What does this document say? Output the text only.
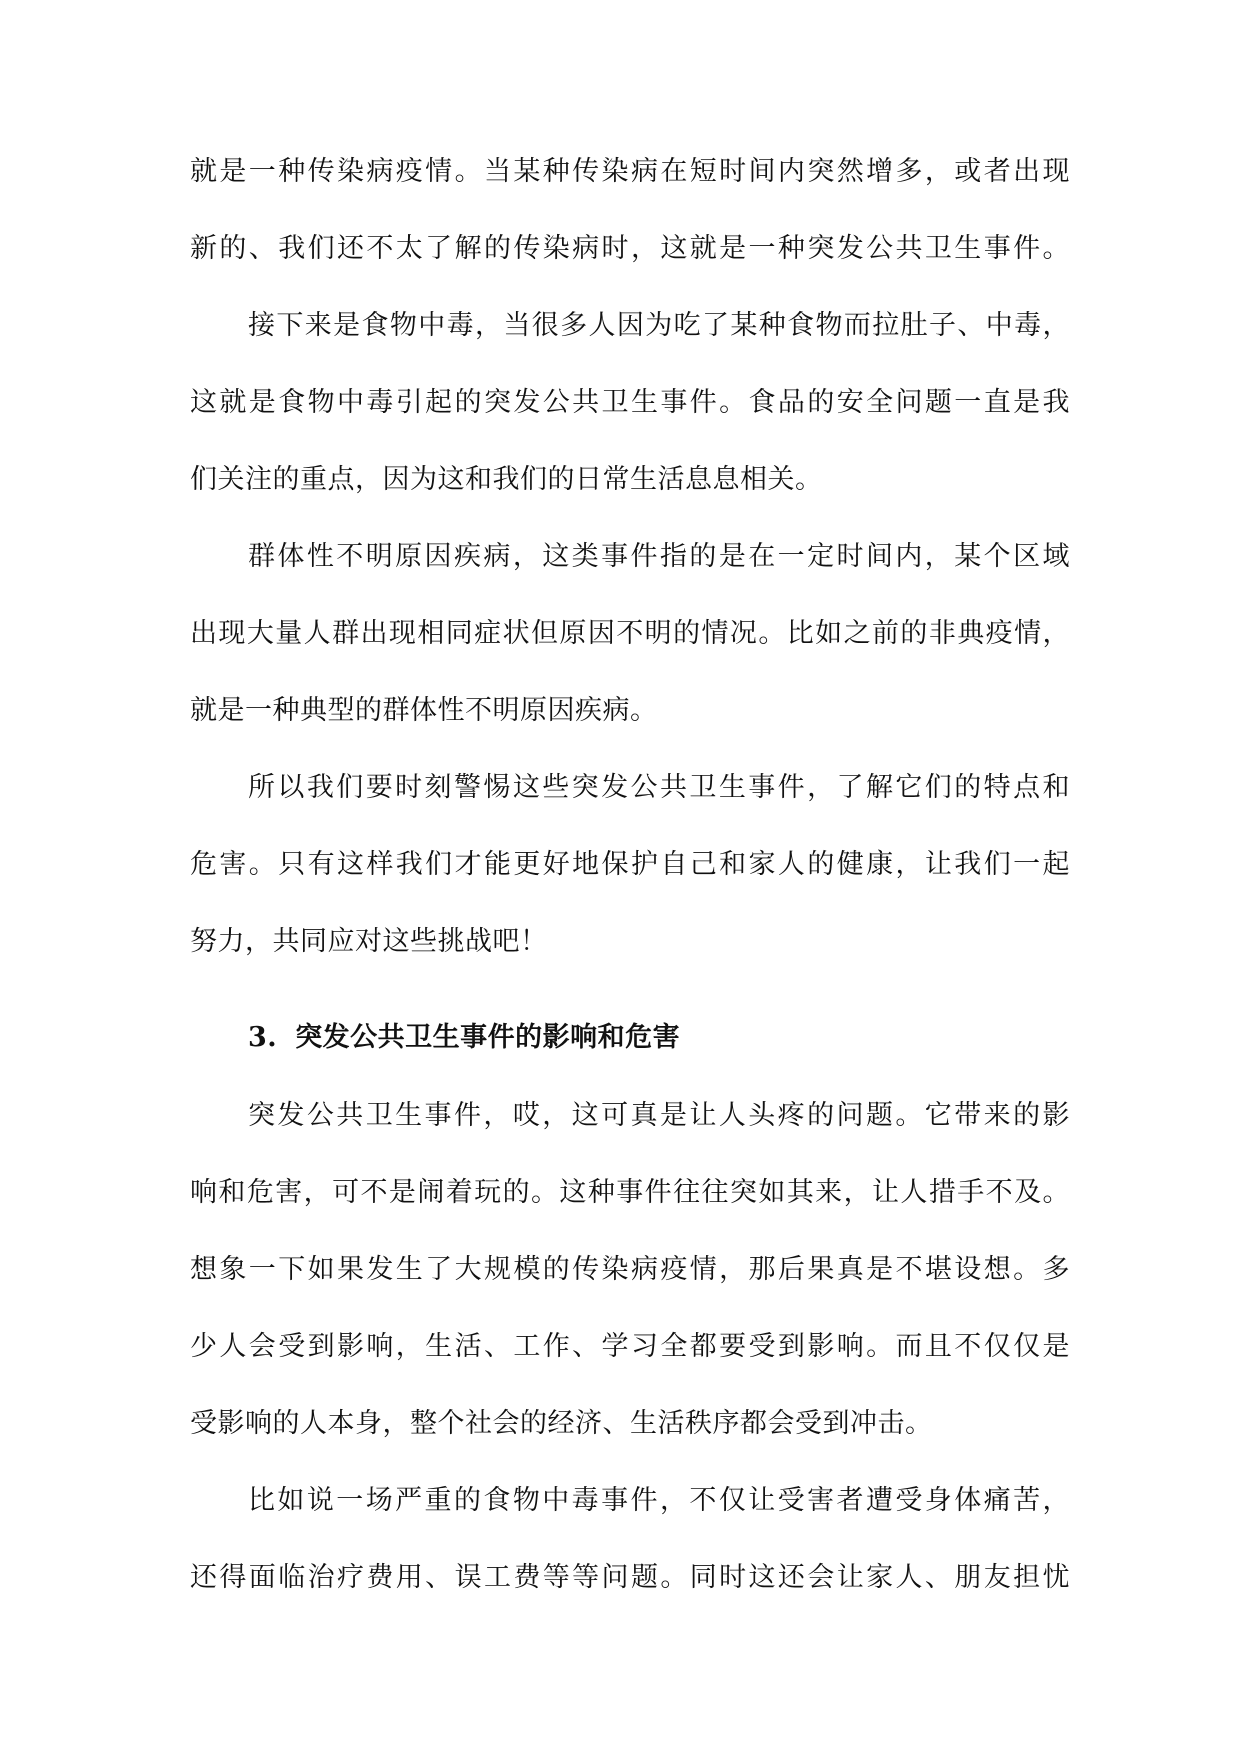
就是一种传染病疫情。当某种传染病在短时间内突然增多，或者出现
新的、我们还不太了解的传染病时，这就是一种突发公共卫生事件。
接下来是食物中毒，当很多人因为吃了某种食物而拉肚子、中毒，
这就是食物中毒引起的突发公共卫生事件。食品的安全问题一直是我
们关注的重点，因为这和我们的日常生活息息相关。
群体性不明原因疾病，这类事件指的是在一定时间内，某个区域
出现大量人群出现相同症状但原因不明的情况。比如之前的非典疫情，
就是一种典型的群体性不明原因疾病。
所以我们要时刻警惕这些突发公共卫生事件，了解它们的特点和
危害。只有这样我们才能更好地保护自己和家人的健康，让我们一起
努力，共同应对这些挑战吧！
3. 突发公共卫生事件的影响和危害
突发公共卫生事件，哎，这可真是让人头疼的问题。它带来的影
响和危害，可不是闹着玩的。这种事件往往突如其来，让人措手不及。
想象一下如果发生了大规模的传染病疫情，那后果真是不堪设想。多
少人会受到影响，生活、工作、学习全都要受到影响。而且不仅仅是
受影响的人本身，整个社会的经济、生活秩序都会受到冲击。
比如说一场严重的食物中毒事件，不仅让受害者遭受身体痛苦，
还得面临治疗费用、误工费等等问题。同时这还会让家人、朋友担忧
